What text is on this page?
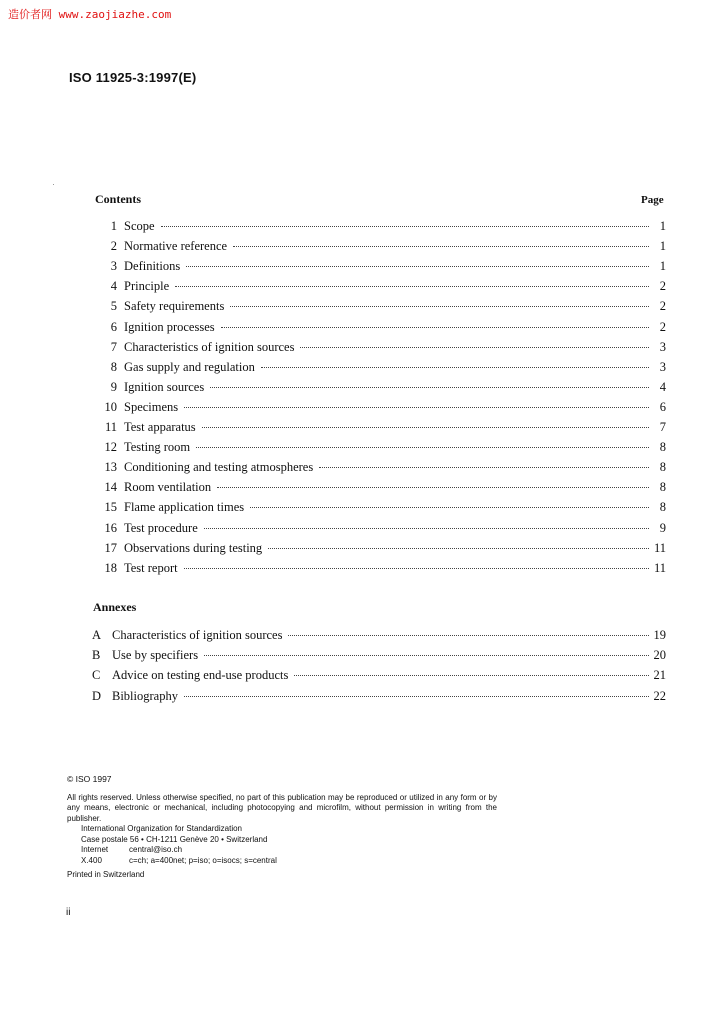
造价者网 www.zaojiazhe.com
ISO 11925-3:1997(E)
Contents	Page
1 Scope	1
2 Normative reference	1
3 Definitions	1
4 Principle	2
5 Safety requirements	2
6 Ignition processes	2
7 Characteristics of ignition sources	3
8 Gas supply and regulation	3
9 Ignition sources	4
10 Specimens	6
11 Test apparatus	7
12 Testing room	8
13 Conditioning and testing atmospheres	8
14 Room ventilation	8
15 Flame application times	8
16 Test procedure	9
17 Observations during testing	11
18 Test report	11
Annexes
A Characteristics of ignition sources	19
B Use by specifiers	20
C Advice on testing end-use products	21
D Bibliography	22

© ISO 1997

All rights reserved. Unless otherwise specified, no part of this publication may be reproduced or utilized in any form or by any means, electronic or mechanical, including photocopying and microfilm, without permission in writing from the publisher.

International Organization for Standardization

Case postale 56 • CH-1211 Genève 20 • Switzerland

Internet	central@iso.ch
X.400	c=ch; a=400net; p=iso; o=isocs; s=central

Printed in Switzerland

ii
